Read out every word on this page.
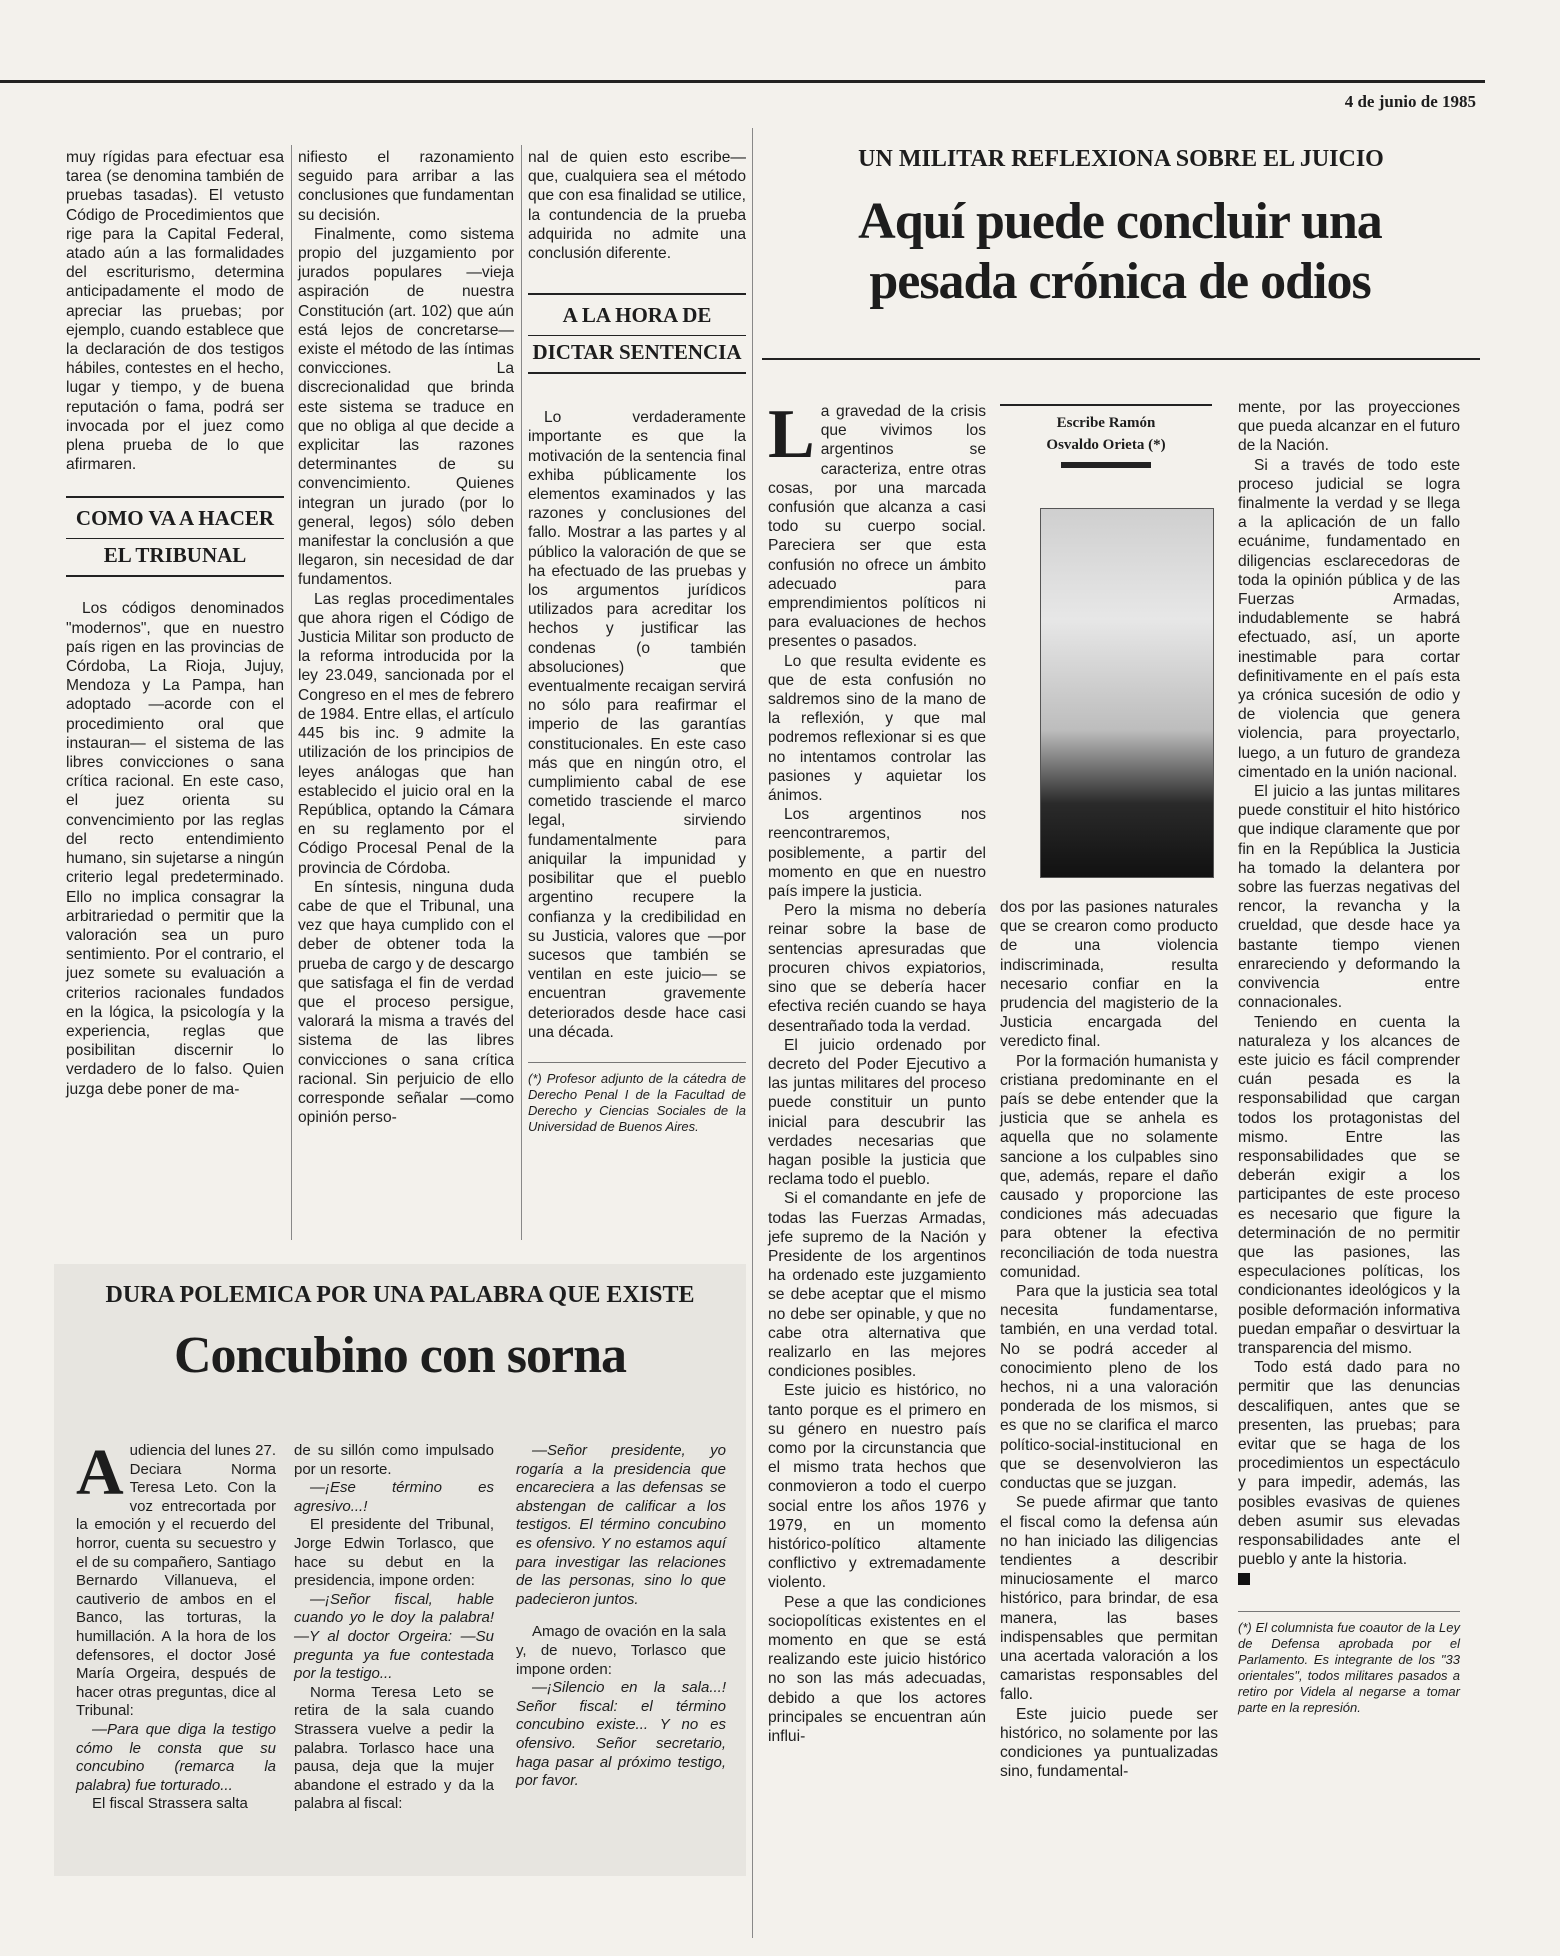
4 de junio de 1985

muy rígidas para efectuar esa tarea (se denomina también de pruebas tasadas). El vetusto Código de Procedimientos que rige para la Capital Federal, atado aún a las formalidades del escriturismo, determina anticipadamente el modo de apreciar las pruebas; por ejemplo, cuando establece que la declaración de dos testigos hábiles, contestes en el hecho, lugar y tiempo, y de buena reputación o fama, podrá ser invocada por el juez como plena prueba de lo que afirmaren.

COMO VA A HACER
EL TRIBUNAL

Los códigos denominados "modernos", que en nuestro país rigen en las provincias de Córdoba, La Rioja, Jujuy, Mendoza y La Pampa, han adoptado —acorde con el procedimiento oral que instauran— el sistema de las libres convicciones o sana crítica racional. En este caso, el juez orienta su convencimiento por las reglas del recto entendimiento humano, sin sujetarse a ningún criterio legal predeterminado. Ello no implica consagrar la arbitrariedad o permitir que la valoración sea un puro sentimiento. Por el contrario, el juez somete su evaluación a criterios racionales fundados en la lógica, la psicología y la experiencia, reglas que posibilitan discernir lo verdadero de lo falso. Quien juzga debe poner de ma-

nifiesto el razonamiento seguido para arribar a las conclusiones que fundamentan su decisión.

Finalmente, como sistema propio del juzgamiento por jurados populares —vieja aspiración de nuestra Constitución (art. 102) que aún está lejos de concretarse— existe el método de las íntimas convicciones. La discrecionalidad que brinda este sistema se traduce en que no obliga al que decide a explicitar las razones determinantes de su convencimiento. Quienes integran un jurado (por lo general, legos) sólo deben manifestar la conclusión a que llegaron, sin necesidad de dar fundamentos.

Las reglas procedimentales que ahora rigen el Código de Justicia Militar son producto de la reforma introducida por la ley 23.049, sancionada por el Congreso en el mes de febrero de 1984. Entre ellas, el artículo 445 bis inc. 9 admite la utilización de los principios de leyes análogas que han establecido el juicio oral en la República, optando la Cámara en su reglamento por el Código Procesal Penal de la provincia de Córdoba.

En síntesis, ninguna duda cabe de que el Tribunal, una vez que haya cumplido con el deber de obtener toda la prueba de cargo y de descargo que satisfaga el fin de verdad que el proceso persigue, valorará la misma a través del sistema de las libres convicciones o sana crítica racional. Sin perjuicio de ello corresponde señalar —como opinión perso-

nal de quien esto escribe— que, cualquiera sea el método que con esa finalidad se utilice, la contundencia de la prueba adquirida no admite una conclusión diferente.

A LA HORA DE
DICTAR SENTENCIA

Lo verdaderamente importante es que la motivación de la sentencia final exhiba públicamente los elementos examinados y las razones y conclusiones del fallo. Mostrar a las partes y al público la valoración de que se ha efectuado de las pruebas y los argumentos jurídicos utilizados para acreditar los hechos y justificar las condenas (o también absoluciones) que eventualmente recaigan servirá no sólo para reafirmar el imperio de las garantías constitucionales. En este caso más que en ningún otro, el cumplimiento cabal de ese cometido trasciende el marco legal, sirviendo fundamentalmente para aniquilar la impunidad y posibilitar que el pueblo argentino recupere la confianza y la credibilidad en su Justicia, valores que —por sucesos que también se ventilan en este juicio— se encuentran gravemente deteriorados desde hace casi una década.

(*) Profesor adjunto de la cátedra de Derecho Penal I de la Facultad de Derecho y Ciencias Sociales de la Universidad de Buenos Aires.
UN MILITAR REFLEXIONA SOBRE EL JUICIO
Aquí puede concluir una pesada crónica de odios
L a gravedad de la crisis que vivimos los argentinos se caracteriza, entre otras cosas, por una marcada confusión que alcanza a casi todo su cuerpo social. Pareciera ser que esta confusión no ofrece un ámbito adecuado para emprendimientos políticos ni para evaluaciones de hechos presentes o pasados.

Lo que resulta evidente es que de esta confusión no saldremos sino de la mano de la reflexión, y que mal podremos reflexionar si es que no intentamos controlar las pasiones y aquietar los ánimos.

Los argentinos nos reencontraremos, posiblemente, a partir del momento en que en nuestro país impere la justicia.

Pero la misma no debería reinar sobre la base de sentencias apresuradas que procuren chivos expiatorios, sino que se debería hacer efectiva recién cuando se haya desentrañado toda la verdad.

El juicio ordenado por decreto del Poder Ejecutivo a las juntas militares del proceso puede constituir un punto inicial para descubrir las verdades necesarias que hagan posible la justicia que reclama todo el pueblo.

Si el comandante en jefe de todas las Fuerzas Armadas, jefe supremo de la Nación y Presidente de los argentinos ha ordenado este juzgamiento se debe aceptar que el mismo no debe ser opinable, y que no cabe otra alternativa que realizarlo en las mejores condiciones posibles.

Este juicio es histórico, no tanto porque es el primero en su género en nuestro país como por la circunstancia que el mismo trata hechos que conmovieron a todo el cuerpo social entre los años 1976 y 1979, en un momento histórico-político altamente conflictivo y extremadamente violento.

Pese a que las condiciones sociopolíticas existentes en el momento en que se está realizando este juicio histórico no son las más adecuadas, debido a que los actores principales se encuentran aún influi-

Escribe Ramón
Osvaldo Orieta (*)

dos por las pasiones naturales que se crearon como producto de una violencia indiscriminada, resulta necesario confiar en la prudencia del magisterio de la Justicia encargada del veredicto final.

Por la formación humanista y cristiana predominante en el país se debe entender que la justicia que se anhela es aquella que no solamente sancione a los culpables sino que, además, repare el daño causado y proporcione las condiciones más adecuadas para obtener la efectiva reconciliación de toda nuestra comunidad.

Para que la justicia sea total necesita fundamentarse, también, en una verdad total. No se podrá acceder al conocimiento pleno de los hechos, ni a una valoración ponderada de los mismos, si es que no se clarifica el marco político-social-institucional en que se desenvolvieron las conductas que se juzgan.

Se puede afirmar que tanto el fiscal como la defensa aún no han iniciado las diligencias tendientes a describir minuciosamente el marco histórico, para brindar, de esa manera, las bases indispensables que permitan una acertada valoración a los camaristas responsables del fallo.

Este juicio puede ser histórico, no solamente por las condiciones ya puntualizadas sino, fundamental-

mente, por las proyecciones que pueda alcanzar en el futuro de la Nación.

Si a través de todo este proceso judicial se logra finalmente la verdad y se llega a la aplicación de un fallo ecuánime, fundamentado en diligencias esclarecedoras de toda la opinión pública y de las Fuerzas Armadas, indudablemente se habrá efectuado, así, un aporte inestimable para cortar definitivamente en el país esta ya crónica sucesión de odio y de violencia que genera violencia, para proyectarlo, luego, a un futuro de grandeza cimentado en la unión nacional.

El juicio a las juntas militares puede constituir el hito histórico que indique claramente que por fin en la República la Justicia ha tomado la delantera por sobre las fuerzas negativas del rencor, la revancha y la crueldad, que desde hace ya bastante tiempo vienen enrareciendo y deformando la convivencia entre connacionales.

Teniendo en cuenta la naturaleza y los alcances de este juicio es fácil comprender cuán pesada es la responsabilidad que cargan todos los protagonistas del mismo. Entre las responsabilidades que se deberán exigir a los participantes de este proceso es necesario que figure la determinación de no permitir que las pasiones, las especulaciones políticas, los condicionantes ideológicos y la posible deformación informativa puedan empañar o desvirtuar la transparencia del mismo.

Todo está dado para no permitir que las denuncias descalifiquen, antes que se presenten, las pruebas; para evitar que se haga de los procedimientos un espectáculo y para impedir, además, las posibles evasivas de quienes deben asumir sus elevadas responsabilidades ante el pueblo y ante la historia.

(*) El columnista fue coautor de la Ley de Defensa aprobada por el Parlamento. Es integrante de los "33 orientales", todos militares pasados a retiro por Videla al negarse a tomar parte en la represión.
DURA POLEMICA POR UNA PALABRA QUE EXISTE
Concubino con sorna
A udiencia del lunes 27. Deciara Norma Teresa Leto. Con la voz entrecortada por la emoción y el recuerdo del horror, cuenta su secuestro y el de su compañero, Santiago Bernardo Villanueva, el cautiverio de ambos en el Banco, las torturas, la humillación. A la hora de los defensores, el doctor José María Orgeira, después de hacer otras preguntas, dice al Tribunal:

—Para que diga la testigo cómo le consta que su concubino (remarca la palabra) fue torturado...

El fiscal Strassera salta

de su sillón como impulsado por un resorte.

—¡Ese término es agresivo...!

El presidente del Tribunal, Jorge Edwin Torlasco, que hace su debut en la presidencia, impone orden:

—¡Señor fiscal, hable cuando yo le doy la palabra! —Y al doctor Orgeira: —Su pregunta ya fue contestada por la testigo...

Norma Teresa Leto se retira de la sala cuando Strassera vuelve a pedir la palabra. Torlasco hace una pausa, deja que la mujer abandone el estrado y da la palabra al fiscal:

—Señor presidente, yo rogaría a la presidencia que encareciera a las defensas se abstengan de calificar a los testigos. El término concubino es ofensivo. Y no estamos aquí para investigar las relaciones de las personas, sino lo que padecieron juntos.

Amago de ovación en la sala y, de nuevo, Torlasco que impone orden:

—¡Silencio en la sala...! Señor fiscal: el término concubino existe... Y no es ofensivo. Señor secretario, haga pasar al próximo testigo, por favor.
